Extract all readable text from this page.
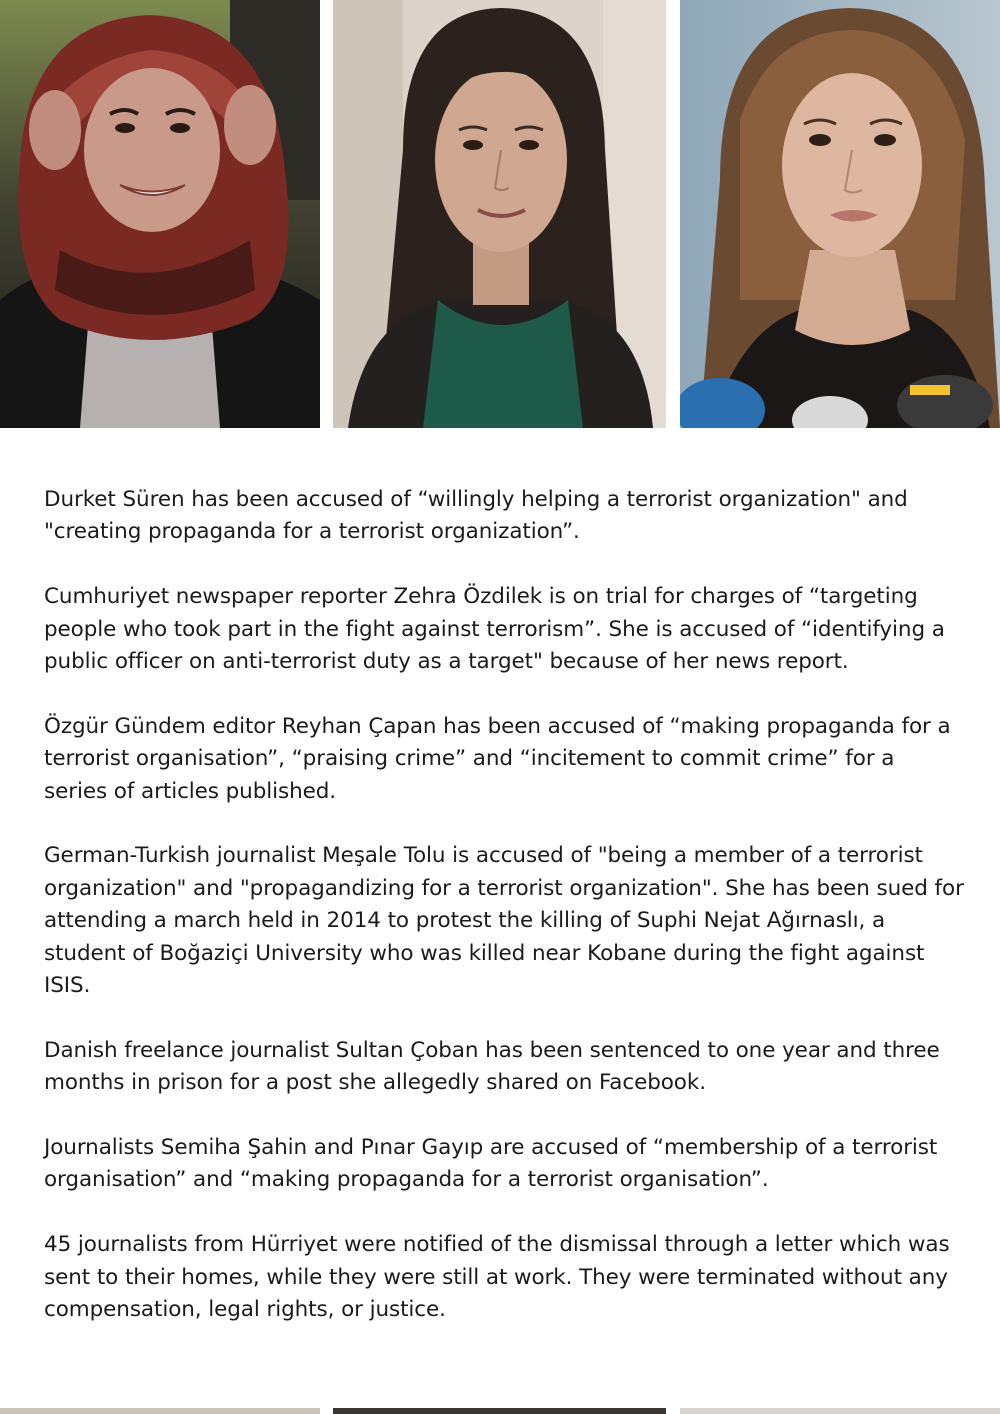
Durket Süren has been accused of “willingly helping a terrorist organization" and "creating propaganda for a terrorist organization”.

Cumhuriyet newspaper reporter Zehra Özdilek is on trial for charges of “targeting people who took part in the fight against terrorism”. She is accused of “identifying a public officer on anti-terrorist duty as a target" because of her news report.

Özgür Gündem editor Reyhan Çapan has been accused of “making propaganda for a terrorist organisation”, “praising crime” and “incitement to commit crime” for a series of articles published.

German-Turkish journalist Meşale Tolu is accused of "being a member of a terrorist organization" and "propagandizing for a terrorist organization". She has been sued for attending a march held in 2014 to protest the killing of Suphi Nejat Ağırnaslı, a student of Boğaziçi University who was killed near Kobane during the fight against ISIS.

Danish freelance journalist Sultan Çoban has been sentenced to one year and three months in prison for a post she allegedly shared on Facebook.

Journalists Semiha Şahin and Pınar Gayıp are accused of “membership of a terrorist organisation” and “making propaganda for a terrorist organisation”.

45 journalists from Hürriyet were notified of the dismissal through a letter which was sent to their homes, while they were still at work. They were terminated without any compensation, legal rights, or justice.
